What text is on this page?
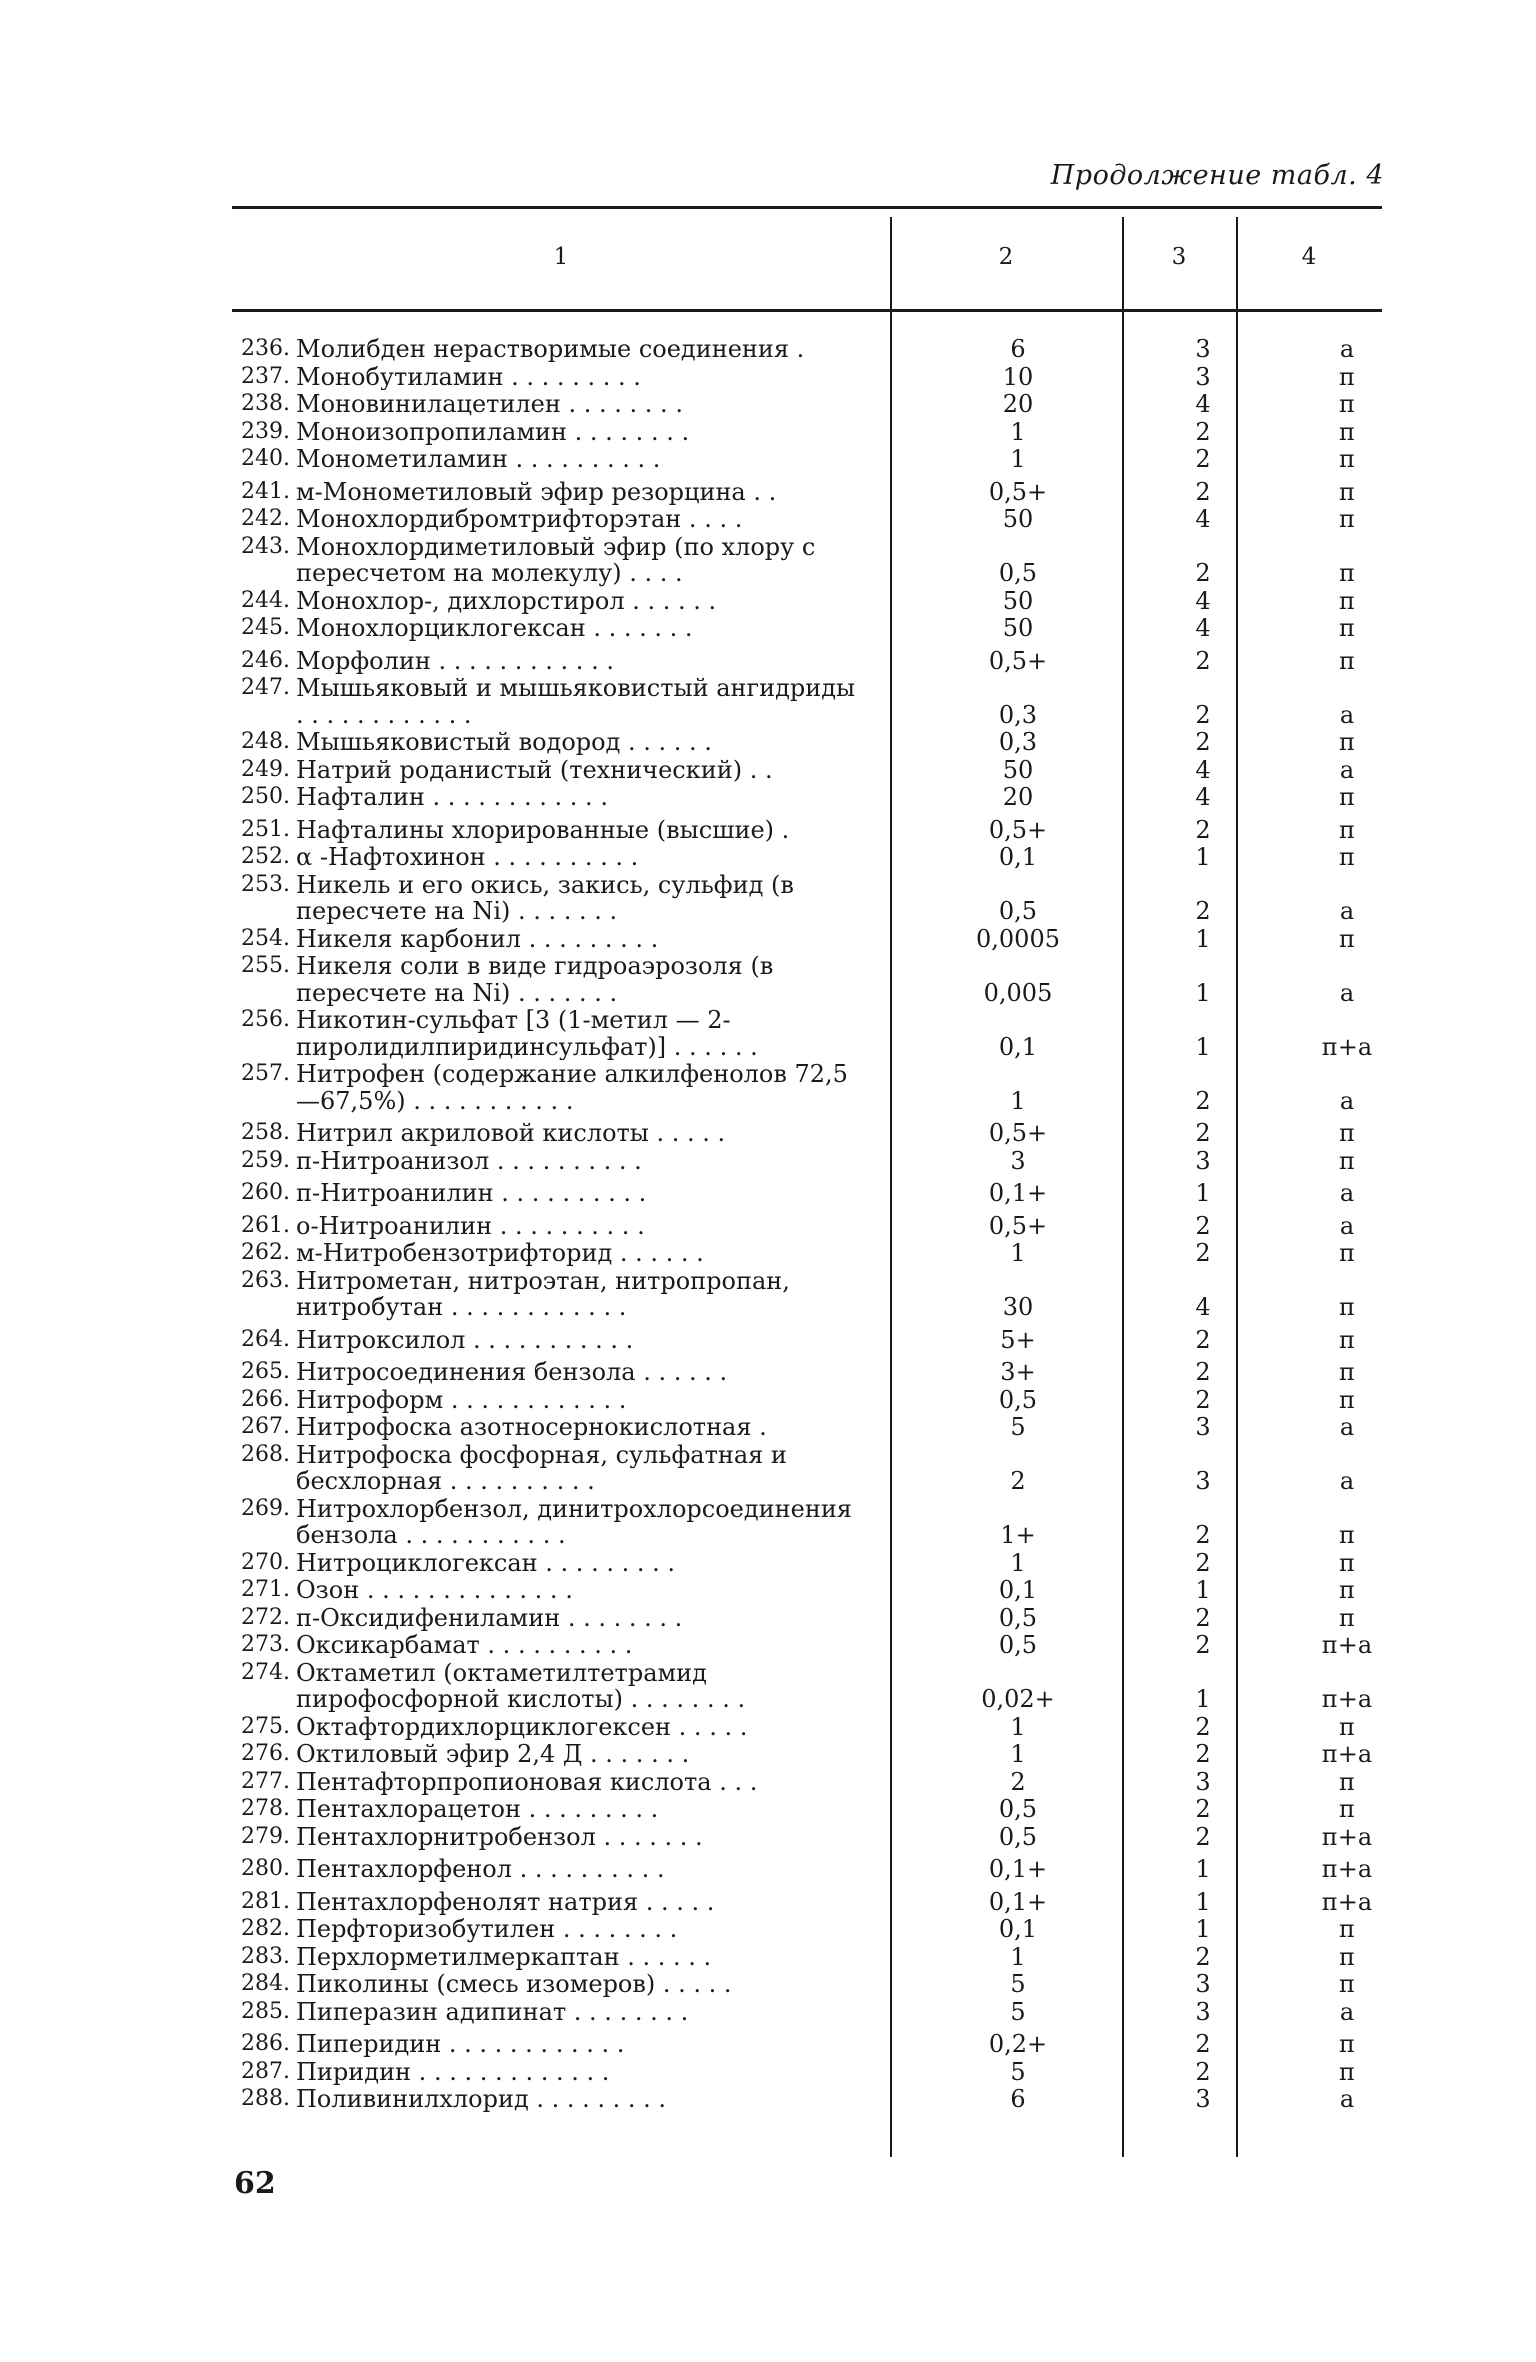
Продолжение табл. 4
1	2	3	4
236. Молибден нерастворимые соединения .	6	3	а
237. Монобутиламин . . . . . . . . .	10	3	п
238. Моновинилацетилен . . . . . . . .	20	4	п
239. Моноизопропиламин . . . . . . . .	1	2	п
240. Монометиламин . . . . . . . . . .	1	2	п
241. м-Монометиловый эфир резорцина . .	0,5+	2	п
242. Монохлордибромтрифторэтан . . . .	50	4	п
243. Монохлордиметиловый эфир (по хлору с пересчетом на молекулу) . . . .	0,5	2	п
244. Монохлор-, дихлорстирол . . . . . .	50	4	п
245. Монохлорциклогексан . . . . . . .	50	4	п
246. Морфолин . . . . . . . . . . . .	0,5+	2	п
247. Мышьяковый и мышьяковистый ангидриды . . . . . . . . . . . .	0,3	2	а
248. Мышьяковистый водород . . . . . .	0,3	2	п
249. Натрий роданистый (технический) . .	50	4	а
250. Нафталин . . . . . . . . . . . .	20	4	п
251. Нафталины хлорированные (высшие) .	0,5+	2	п
252. α -Нафтохинон . . . . . . . . . .	0,1	1	п
253. Никель и его окись, закись, сульфид (в пересчете на Ni) . . . . . . .	0,5	2	а
254. Никеля карбонил . . . . . . . . .	0,0005	1	п
255. Никеля соли в виде гидроаэрозоля (в пересчете на Ni) . . . . . . .	0,005	1	а
256. Никотин-сульфат [3 (1-метил — 2-пиролидилпиридинсульфат)] . . . . . .	0,1	1	п+а
257. Нитрофен (содержание алкилфенолов 72,5—67,5%) . . . . . . . . . . .	1	2	а
258. Нитрил акриловой кислоты . . . . .	0,5+	2	п
259. п-Нитроанизол . . . . . . . . . .	3	3	п
260. п-Нитроанилин . . . . . . . . . .	0,1+	1	а
261. о-Нитроанилин . . . . . . . . . .	0,5+	2	а
262. м-Нитробензотрифторид . . . . . .	1	2	п
263. Нитрометан, нитроэтан, нитропропан, нитробутан . . . . . . . . . . . .	30	4	п
264. Нитроксилол . . . . . . . . . . .	5+	2	п
265. Нитросоединения бензола . . . . . .	3+	2	п
266. Нитроформ . . . . . . . . . . . .	0,5	2	п
267. Нитрофоска азотносернокислотная .	5	3	а
268. Нитрофоска фосфорная, сульфатная и бесхлорная . . . . . . . . . .	2	3	а
269. Нитрохлорбензол, динитрохлорсоединения бензола . . . . . . . . . . .	1+	2	п
270. Нитроциклогексан . . . . . . . . .	1	2	п
271. Озон . . . . . . . . . . . . . .	0,1	1	п
272. п-Оксидифениламин . . . . . . . .	0,5	2	п
273. Оксикарбамат . . . . . . . . . .	0,5	2	п+а
274. Октаметил (октаметилтетрамид пирофосфорной кислоты) . . . . . . . .	0,02+	1	п+а
275. Октафтордихлорциклогексен . . . . .	1	2	п
276. Октиловый эфир 2,4 Д . . . . . . .	1	2	п+а
277. Пентафторпропионовая кислота . . .	2	3	п
278. Пентахлорацетон . . . . . . . . .	0,5	2	п
279. Пентахлорнитробензол . . . . . . .	0,5	2	п+а
280. Пентахлорфенол . . . . . . . . . .	0,1+	1	п+а
281. Пентахлорфенолят натрия . . . . .	0,1+	1	п+а
282. Перфторизобутилен . . . . . . . .	0,1	1	п
283. Перхлорметилмеркаптан . . . . . .	1	2	п
284. Пиколины (смесь изомеров) . . . . .	5	3	п
285. Пиперазин адипинат . . . . . . . .	5	3	а
286. Пиперидин . . . . . . . . . . . .	0,2+	2	п
287. Пиридин . . . . . . . . . . . . .	5	2	п
288. Поливинилхлорид . . . . . . . . .	6	3	а
62
